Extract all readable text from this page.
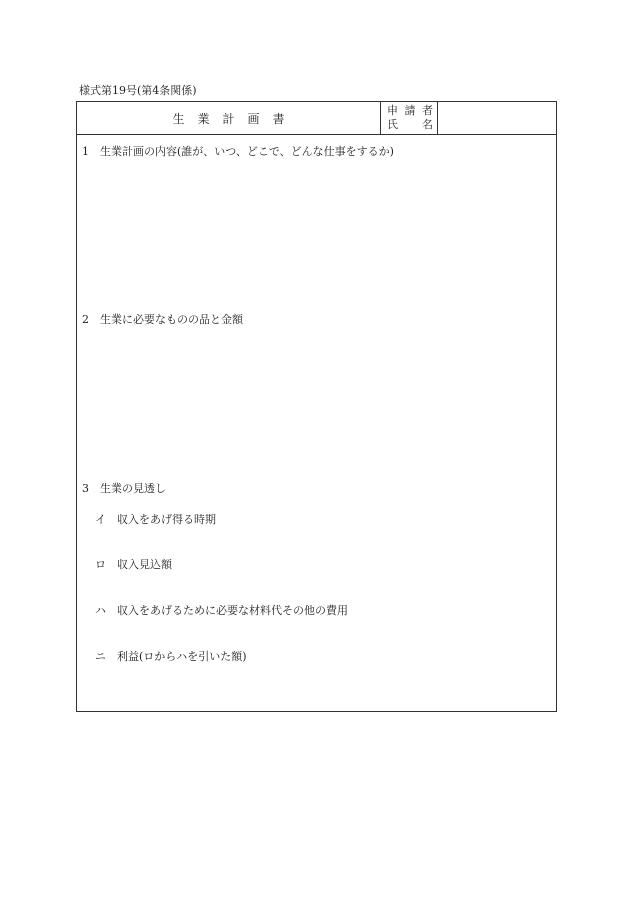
様式第19号(第4条関係)
生業計画書
申 請 者
氏 名
1 生業計画の内容(誰が、いつ、どこで、どんな仕事をするか)
2 生業に必要なものの品と金額
3 生業の見透し
イ 収入をあげ得る時期
ロ 収入見込額
ハ 収入をあげるために必要な材料代その他の費用
ニ 利益(ロからハを引いた額)
